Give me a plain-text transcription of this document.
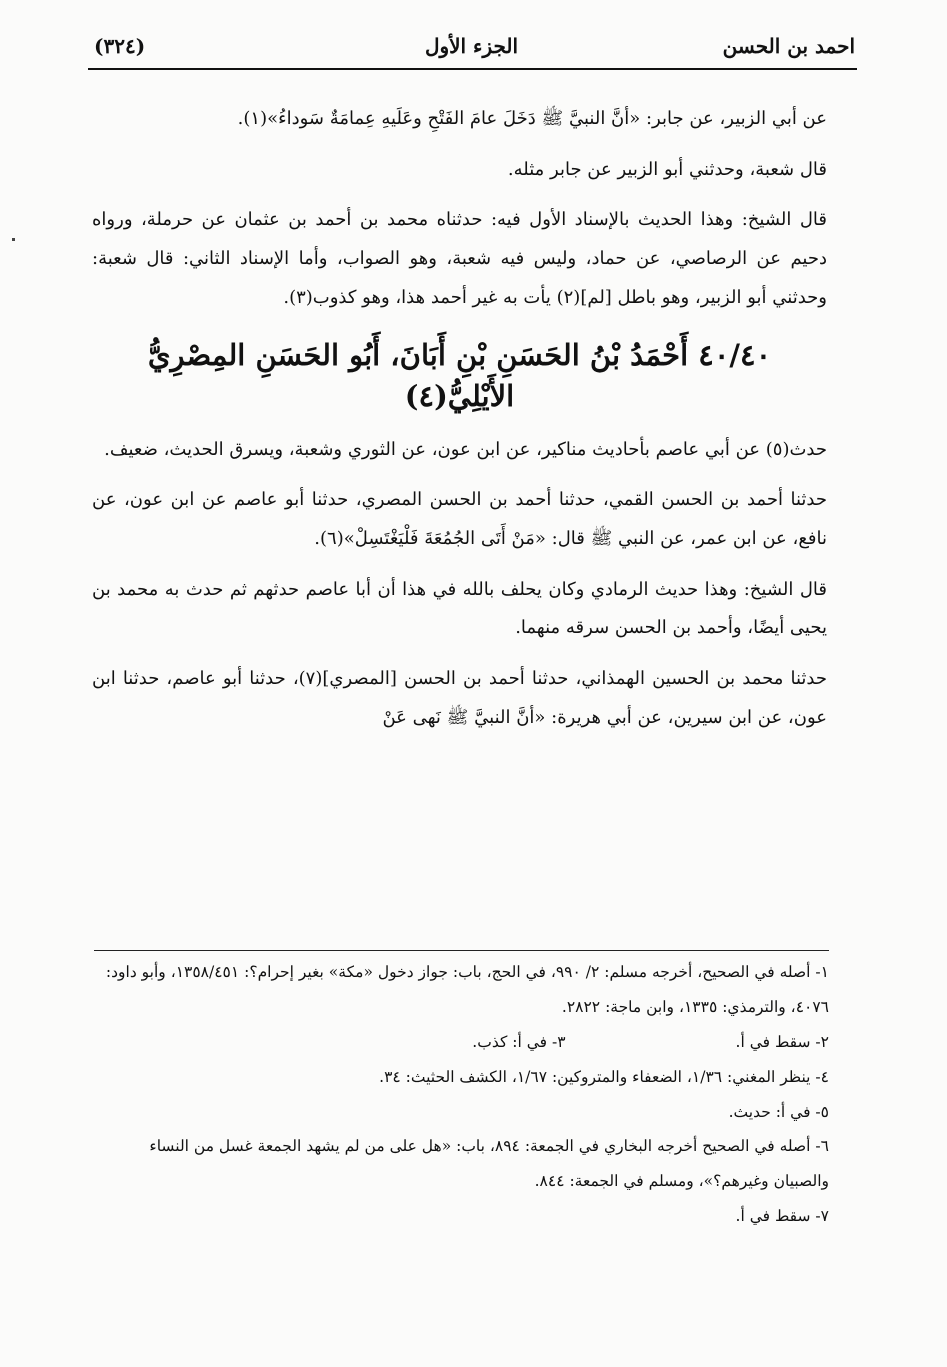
احمد بن الحسن
الجزء الأول
(٣٢٤)

عن أبي الزبير، عن جابر: «أنَّ النبيَّ ﷺ دَخَلَ عامَ الفَتْحِ وعَلَيهِ عِمامَةٌ سَوداءُ»(١).

قال شعبة، وحدثني أبو الزبير عن جابر مثله.

قال الشيخ: وهذا الحديث بالإسناد الأول فيه: حدثناه محمد بن أحمد بن عثمان عن حرملة، ورواه دحيم عن الرصاصي، عن حماد، وليس فيه شعبة، وهو الصواب، وأما الإسناد الثاني: قال شعبة: وحدثني أبو الزبير، وهو باطل [لم](٢) يأت به غير أحمد هذا، وهو كذوب(٣).

٤٠/٤٠ أَحْمَدُ بْنُ الحَسَنِ بْنِ أَبَانَ، أَبُو الحَسَنِ المِصْرِيُّ الأَيْلِيُّ(٤)

حدث(٥) عن أبي عاصم بأحاديث مناكير، عن ابن عون، عن الثوري وشعبة، ويسرق الحديث، ضعيف.

حدثنا أحمد بن الحسن القمي، حدثنا أحمد بن الحسن المصري، حدثنا أبو عاصم عن ابن عون، عن نافع، عن ابن عمر، عن النبي ﷺ قال: «مَنْ أَتَى الجُمُعَةَ فَلْيَغْتَسِلْ»(٦).

قال الشيخ: وهذا حديث الرمادي وكان يحلف بالله في هذا أن أبا عاصم حدثهم ثم حدث به محمد بن يحيى أيضًا، وأحمد بن الحسن سرقه منهما.

حدثنا محمد بن الحسين الهمذاني، حدثنا أحمد بن الحسن [المصري](٧)، حدثنا أبو عاصم، حدثنا ابن عون، عن ابن سيرين، عن أبي هريرة: «أنَّ النبيَّ ﷺ نَهى عَنْ

١- أصله في الصحيح، أخرجه مسلم: ٢/ ٩٩٠، في الحج، باب: جواز دخول «مكة» بغير إحرام؟: ١٣٥٨/٤٥١، وأبو داود: ٤٠٧٦، والترمذي: ١٣٣٥، وابن ماجة: ٢٨٢٢.

٢- سقط في أ.

٣- في أ: كذب.

٤- ينظر المغني: ١/٣٦، الضعفاء والمتروكين: ١/٦٧، الكشف الحثيث: ٣٤.

٥- في أ: حديث.

٦- أصله في الصحيح أخرجه البخاري في الجمعة: ٨٩٤، باب: «هل على من لم يشهد الجمعة غسل من النساء والصبيان وغيرهم؟»، ومسلم في الجمعة: ٨٤٤.

٧- سقط في أ.
